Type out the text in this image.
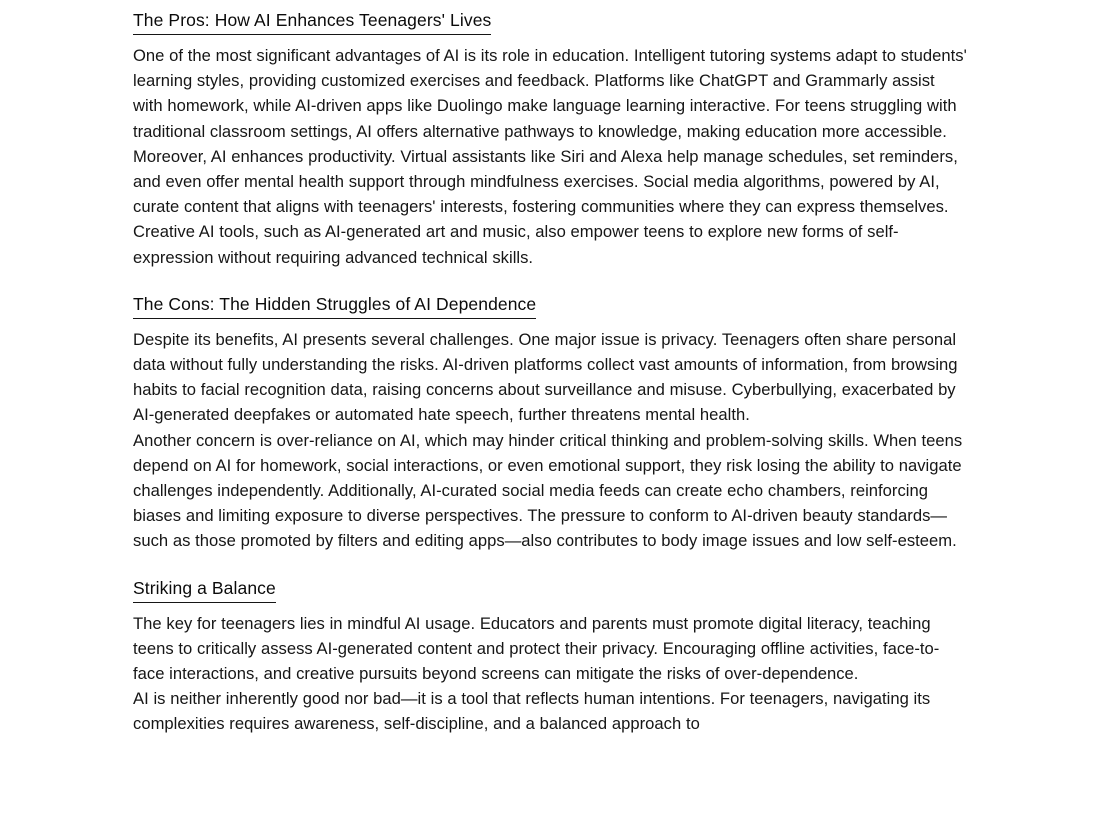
The Pros: How AI Enhances Teenagers' Lives

One of the most significant advantages of AI is its role in education. Intelligent tutoring systems adapt to students' learning styles, providing customized exercises and feedback. Platforms like ChatGPT and Grammarly assist with homework, while AI-driven apps like Duolingo make language learning interactive. For teens struggling with traditional classroom settings, AI offers alternative pathways to knowledge, making education more accessible.

Moreover, AI enhances productivity. Virtual assistants like Siri and Alexa help manage schedules, set reminders, and even offer mental health support through mindfulness exercises. Social media algorithms, powered by AI, curate content that aligns with teenagers' interests, fostering communities where they can express themselves. Creative AI tools, such as AI-generated art and music, also empower teens to explore new forms of self-expression without requiring advanced technical skills.

The Cons: The Hidden Struggles of AI Dependence

Despite its benefits, AI presents several challenges. One major issue is privacy. Teenagers often share personal data without fully understanding the risks. AI-driven platforms collect vast amounts of information, from browsing habits to facial recognition data, raising concerns about surveillance and misuse. Cyberbullying, exacerbated by AI-generated deepfakes or automated hate speech, further threatens mental health.

Another concern is over-reliance on AI, which may hinder critical thinking and problem-solving skills. When teens depend on AI for homework, social interactions, or even emotional support, they risk losing the ability to navigate challenges independently. Additionally, AI-curated social media feeds can create echo chambers, reinforcing biases and limiting exposure to diverse perspectives. The pressure to conform to AI-driven beauty standards—such as those promoted by filters and editing apps—also contributes to body image issues and low self-esteem.

Striking a Balance

The key for teenagers lies in mindful AI usage. Educators and parents must promote digital literacy, teaching teens to critically assess AI-generated content and protect their privacy. Encouraging offline activities, face-to-face interactions, and creative pursuits beyond screens can mitigate the risks of over-dependence.

AI is neither inherently good nor bad—it is a tool that reflects human intentions. For teenagers, navigating its complexities requires awareness, self-discipline, and a balanced approach to
